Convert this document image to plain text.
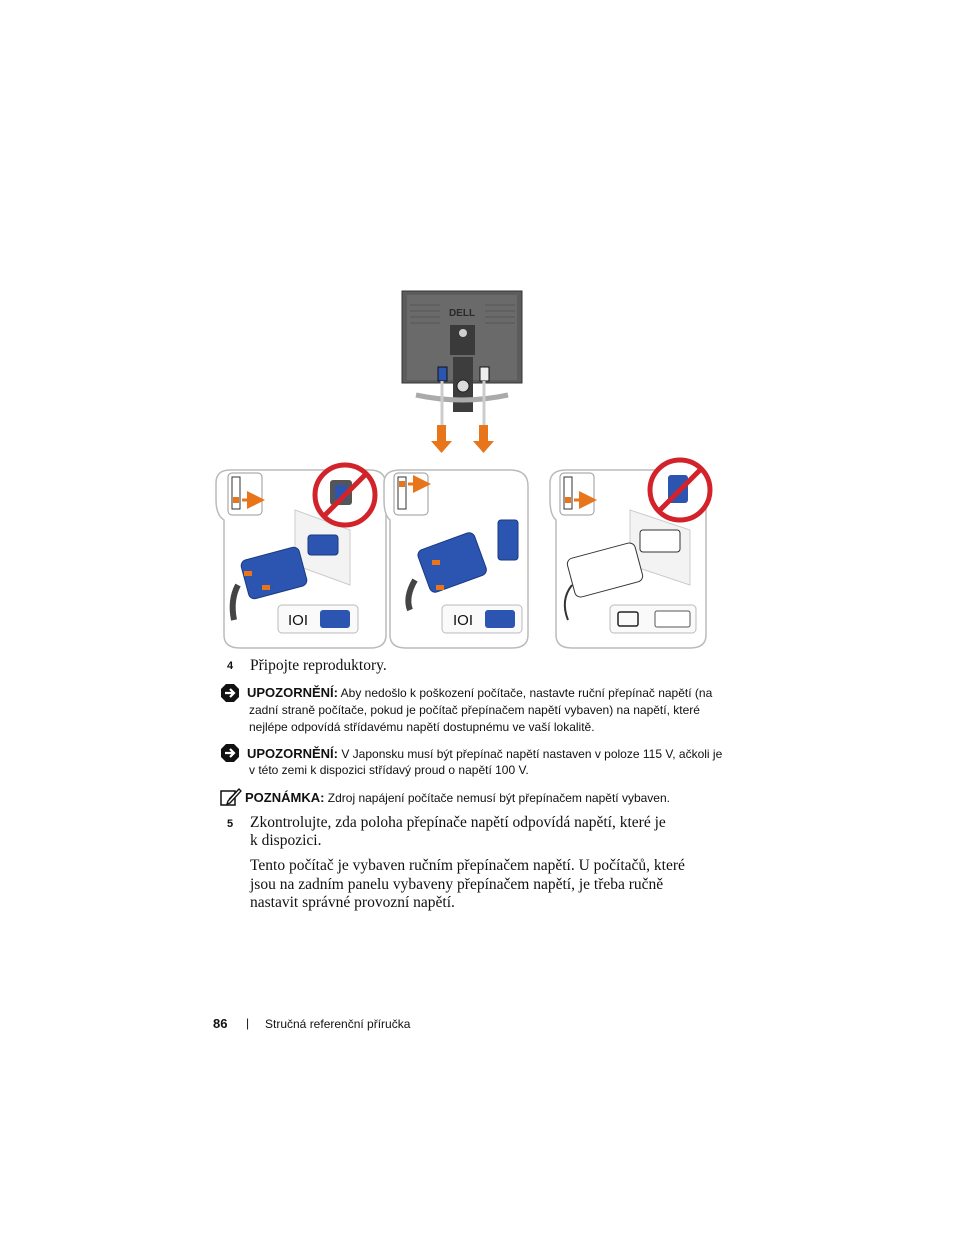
DELL
IOI	IOI
4 Připojte reproduktory.
UPOZORNĚNÍ: Aby nedošlo k poškození počítače, nastavte ruční přepínač napětí (na
zadní straně počítače, pokud je počítač přepínačem napětí vybaven) na napětí, které
nejlépe odpovídá střídavému napětí dostupnému ve vaší lokalitě.
UPOZORNĚNÍ: V Japonsku musí být přepínač napětí nastaven v poloze 115 V, ačkoli je
v této zemi k dispozici střídavý proud o napětí 100 V.
POZNÁMKA: Zdroj napájení počítače nemusí být přepínačem napětí vybaven.
5 Zkontrolujte, zda poloha přepínače napětí odpovídá napětí, které je
k dispozici.
Tento počítač je vybaven ručním přepínačem napětí. U počítačů, které
jsou na zadním panelu vybaveny přepínačem napětí, je třeba ručně
nastavit správné provozní napětí.
86 | Stručná referenční příručka
